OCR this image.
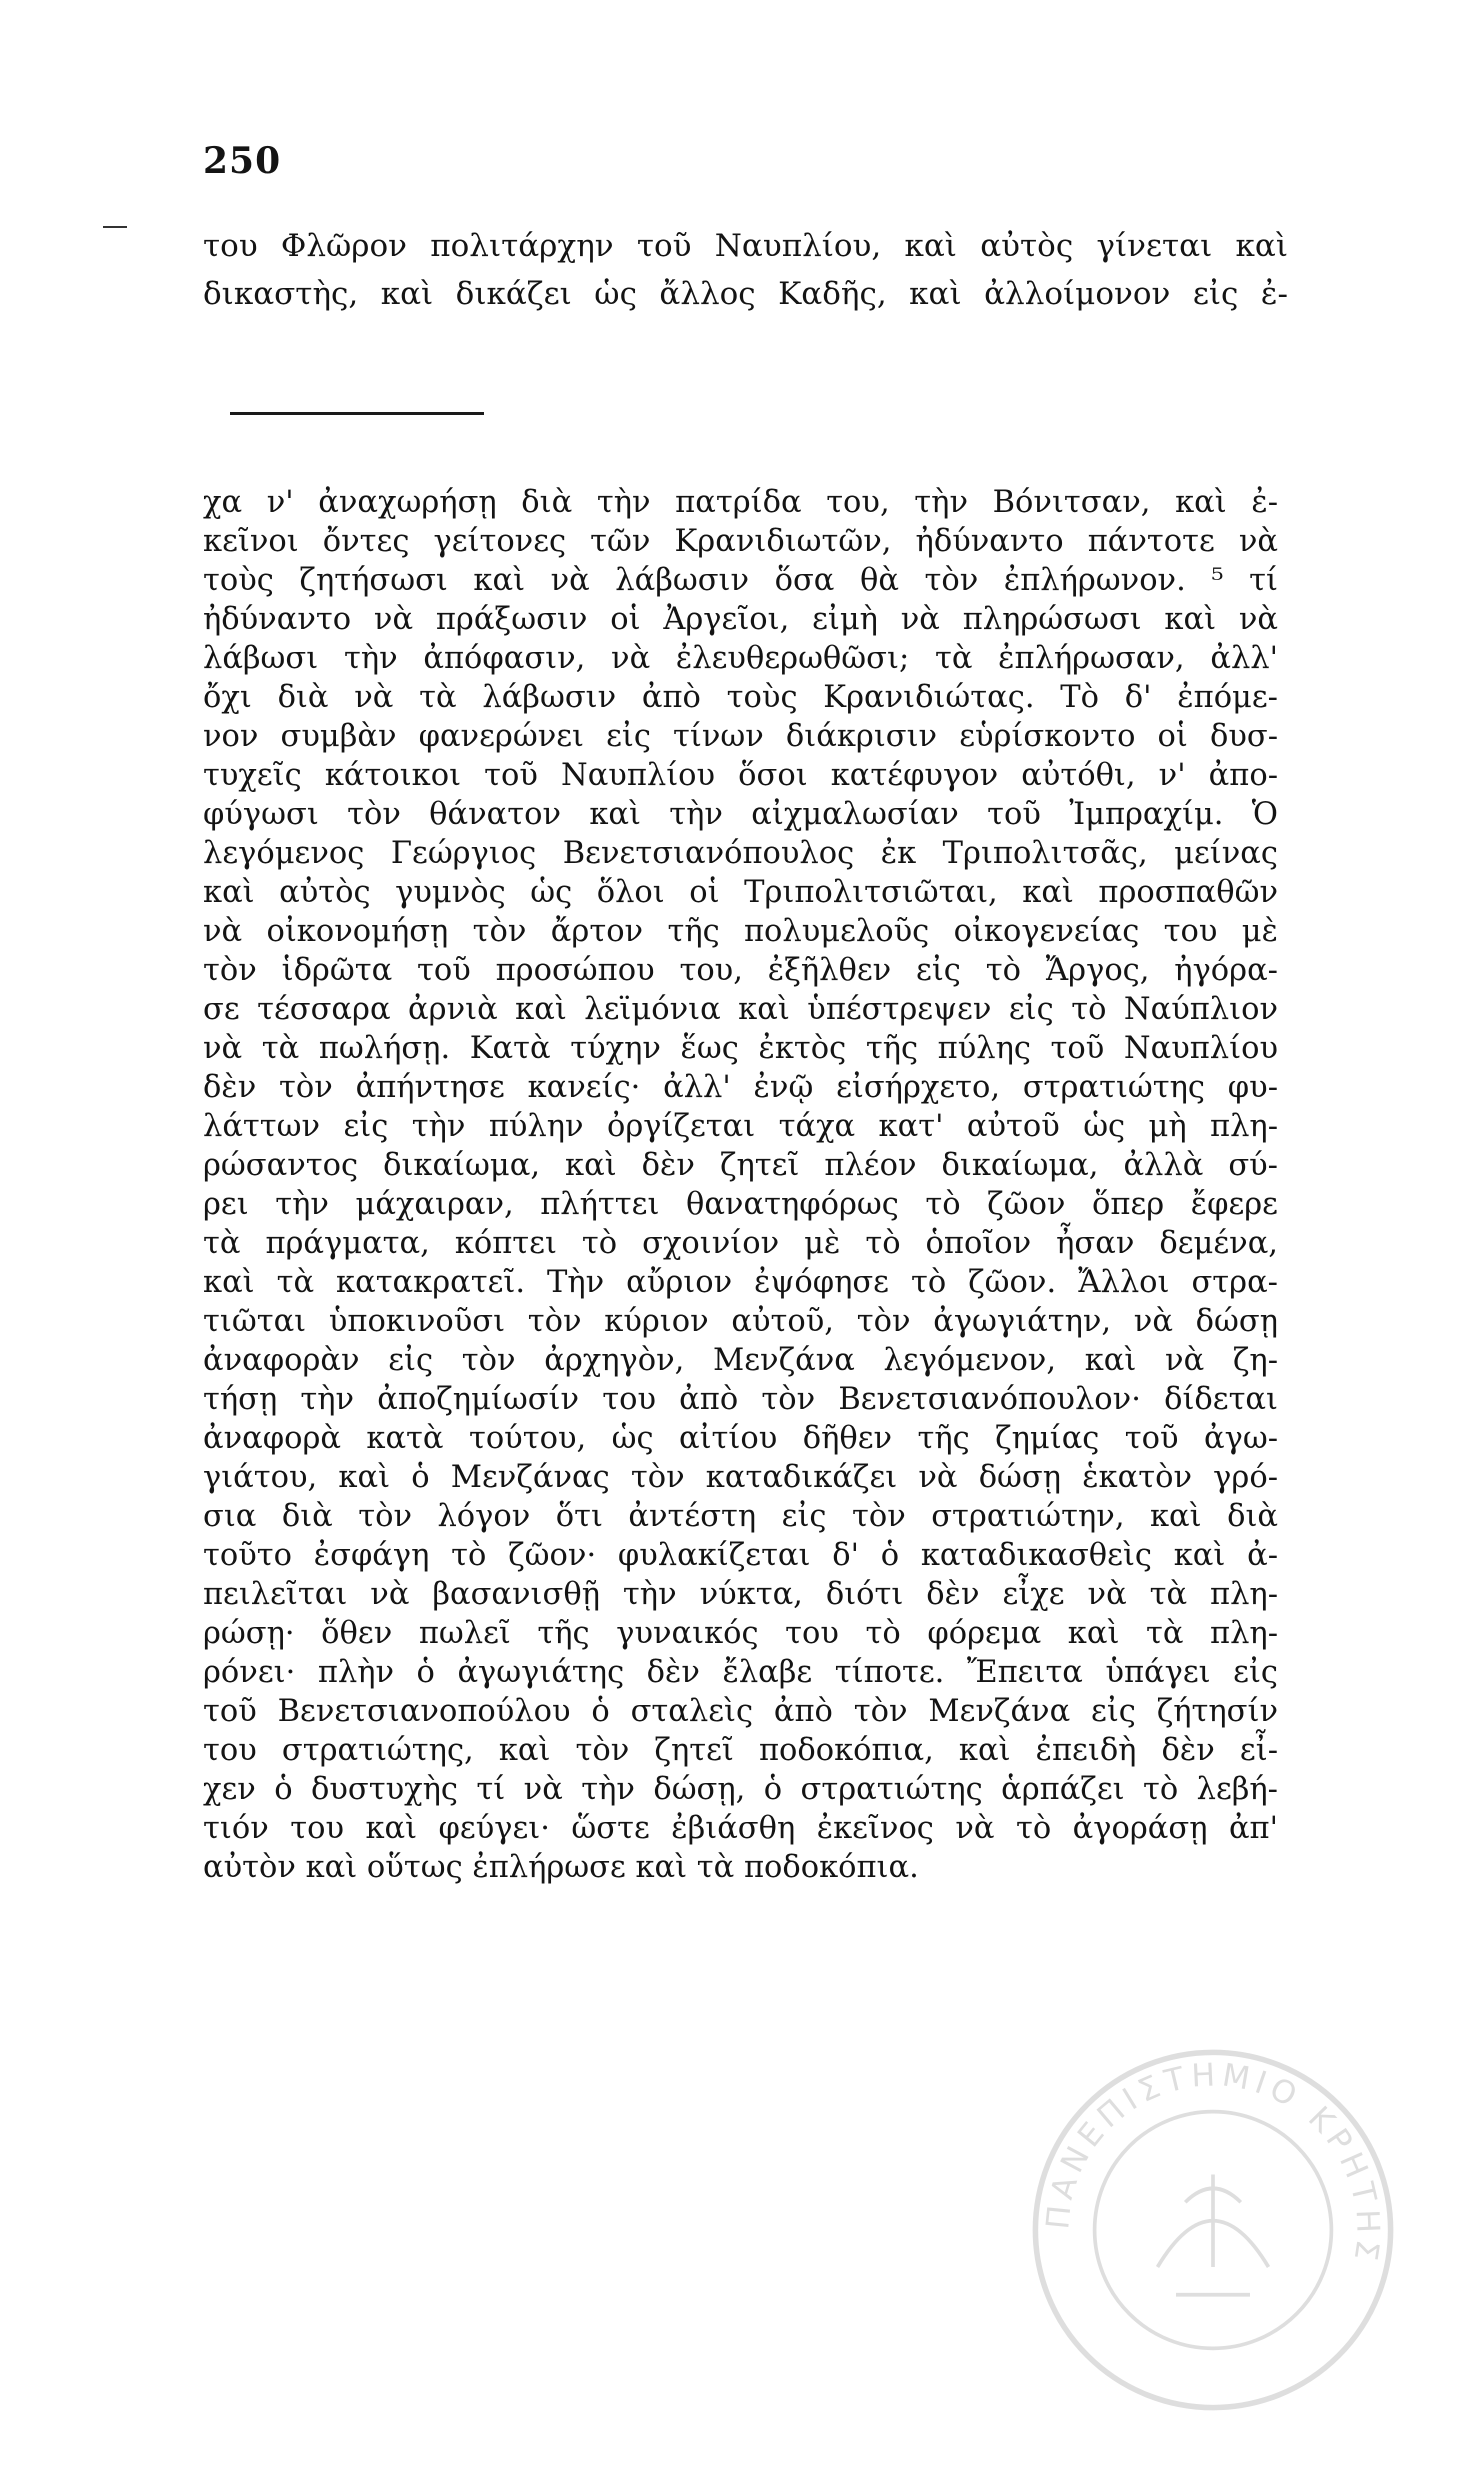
250
του Φλῶρον πολιτάρχην τοῦ Ναυπλίου, καὶ αὐτὸς γίνεται καὶ
δικαστὴς, καὶ δικάζει ὡς ἄλλος Καδῆς, καὶ ἀλλοίμονον εἰς ἐ-
χα ν' ἀναχωρήσῃ διὰ τὴν πατρίδα του, τὴν Βόνιτσαν, καὶ ἐ-
κεῖνοι ὄντες γείτονες τῶν Κρανιδιωτῶν, ἠδύναντο πάντοτε νὰ
τοὺς ζητήσωσι καὶ νὰ λάβωσιν ὅσα θὰ τὸν ἐπλήρωνον. ⁵ τί
ἠδύναντο νὰ πράξωσιν οἱ Ἀργεῖοι, εἰμὴ νὰ πληρώσωσι καὶ νὰ
λάβωσι τὴν ἀπόφασιν, νὰ ἐλευθερωθῶσι; τὰ ἐπλήρωσαν, ἀλλ'
ὄχι διὰ νὰ τὰ λάβωσιν ἀπὸ τοὺς Κρανιδιώτας. Τὸ δ' ἐπόμε-
νον συμβὰν φανερώνει εἰς τίνων διάκρισιν εὑρίσκοντο οἱ δυσ-
τυχεῖς κάτοικοι τοῦ Ναυπλίου ὅσοι κατέφυγον αὐτόθι, ν' ἀπο-
φύγωσι τὸν θάνατον καὶ τὴν αἰχμαλωσίαν τοῦ Ἰμπραχίμ. Ὁ
λεγόμενος Γεώργιος Βενετσιανόπουλος ἐκ Τριπολιτσᾶς, μείνας
καὶ αὐτὸς γυμνὸς ὡς ὅλοι οἱ Τριπολιτσιῶται, καὶ προσπαθῶν
νὰ οἰκονομήσῃ τὸν ἄρτον τῆς πολυμελοῦς οἰκογενείας του μὲ
τὸν ἱδρῶτα τοῦ προσώπου του, ἐξῆλθεν εἰς τὸ Ἄργος, ἠγόρα-
σε τέσσαρα ἀρνιὰ καὶ λεϊμόνια καὶ ὑπέστρεψεν εἰς τὸ Ναύπλιον
νὰ τὰ πωλήσῃ. Κατὰ τύχην ἕως ἐκτὸς τῆς πύλης τοῦ Ναυπλίου
δὲν τὸν ἀπήντησε κανείς· ἀλλ' ἐνῷ εἰσήρχετο, στρατιώτης φυ-
λάττων εἰς τὴν πύλην ὀργίζεται τάχα κατ' αὐτοῦ ὡς μὴ πλη-
ρώσαντος δικαίωμα, καὶ δὲν ζητεῖ πλέον δικαίωμα, ἀλλὰ σύ-
ρει τὴν μάχαιραν, πλήττει θανατηφόρως τὸ ζῶον ὅπερ ἔφερε
τὰ πράγματα, κόπτει τὸ σχοινίον μὲ τὸ ὁποῖον ἦσαν δεμένα,
καὶ τὰ κατακρατεῖ. Τὴν αὔριον ἐψόφησε τὸ ζῶον. Ἄλλοι στρα-
τιῶται ὑποκινοῦσι τὸν κύριον αὐτοῦ, τὸν ἀγωγιάτην, νὰ δώσῃ
ἀναφορὰν εἰς τὸν ἀρχηγὸν, Μενζάνα λεγόμενον, καὶ νὰ ζη-
τήσῃ τὴν ἀποζημίωσίν του ἀπὸ τὸν Βενετσιανόπουλον· δίδεται
ἀναφορὰ κατὰ τούτου, ὡς αἰτίου δῆθεν τῆς ζημίας τοῦ ἀγω-
γιάτου, καὶ ὁ Μενζάνας τὸν καταδικάζει νὰ δώσῃ ἑκατὸν γρό-
σια διὰ τὸν λόγον ὅτι ἀντέστη εἰς τὸν στρατιώτην, καὶ διὰ
τοῦτο ἐσφάγη τὸ ζῶον· φυλακίζεται δ' ὁ καταδικασθεὶς καὶ ἀ-
πειλεῖται νὰ βασανισθῇ τὴν νύκτα, διότι δὲν εἶχε νὰ τὰ πλη-
ρώσῃ· ὅθεν πωλεῖ τῆς γυναικός του τὸ φόρεμα καὶ τὰ πλη-
ρόνει· πλὴν ὁ ἀγωγιάτης δὲν ἔλαβε τίποτε. Ἔπειτα ὑπάγει εἰς
τοῦ Βενετσιανοπούλου ὁ σταλεὶς ἀπὸ τὸν Μενζάνα εἰς ζήτησίν
του στρατιώτης, καὶ τὸν ζητεῖ ποδοκόπια, καὶ ἐπειδὴ δὲν εἶ-
χεν ὁ δυστυχὴς τί νὰ τὴν δώσῃ, ὁ στρατιώτης ἁρπάζει τὸ λεβή-
τιόν του καὶ φεύγει· ὥστε ἐβιάσθη ἐκεῖνος νὰ τὸ ἀγοράσῃ ἀπ'
αὐτὸν καὶ οὕτως ἐπλήρωσε καὶ τὰ ποδοκόπια.
ΠΑΝΕΠΙΣΤΗΜΙΟ ΚΡΗΤΗΣ
